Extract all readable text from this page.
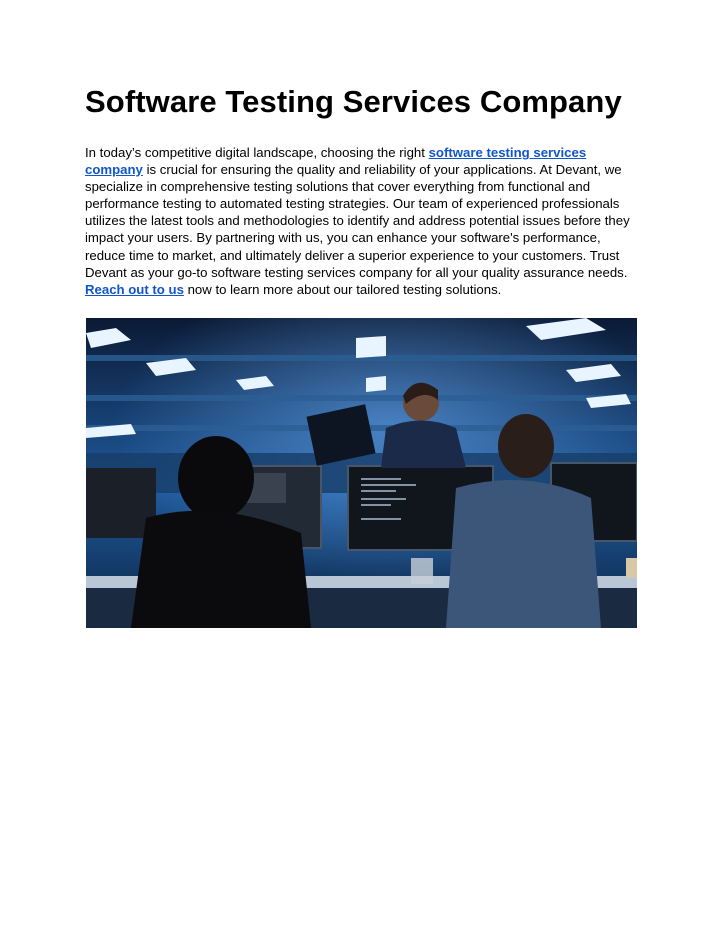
Software Testing Services Company

In today’s competitive digital landscape, choosing the right software testing services company is crucial for ensuring the quality and reliability of your applications. At Devant, we specialize in comprehensive testing solutions that cover everything from functional and performance testing to automated testing strategies. Our team of experienced professionals utilizes the latest tools and methodologies to identify and address potential issues before they impact your users. By partnering with us, you can enhance your software's performance, reduce time to market, and ultimately deliver a superior experience to your customers. Trust Devant as your go-to software testing services company for all your quality assurance needs. Reach out to us now to learn more about our tailored testing solutions.
